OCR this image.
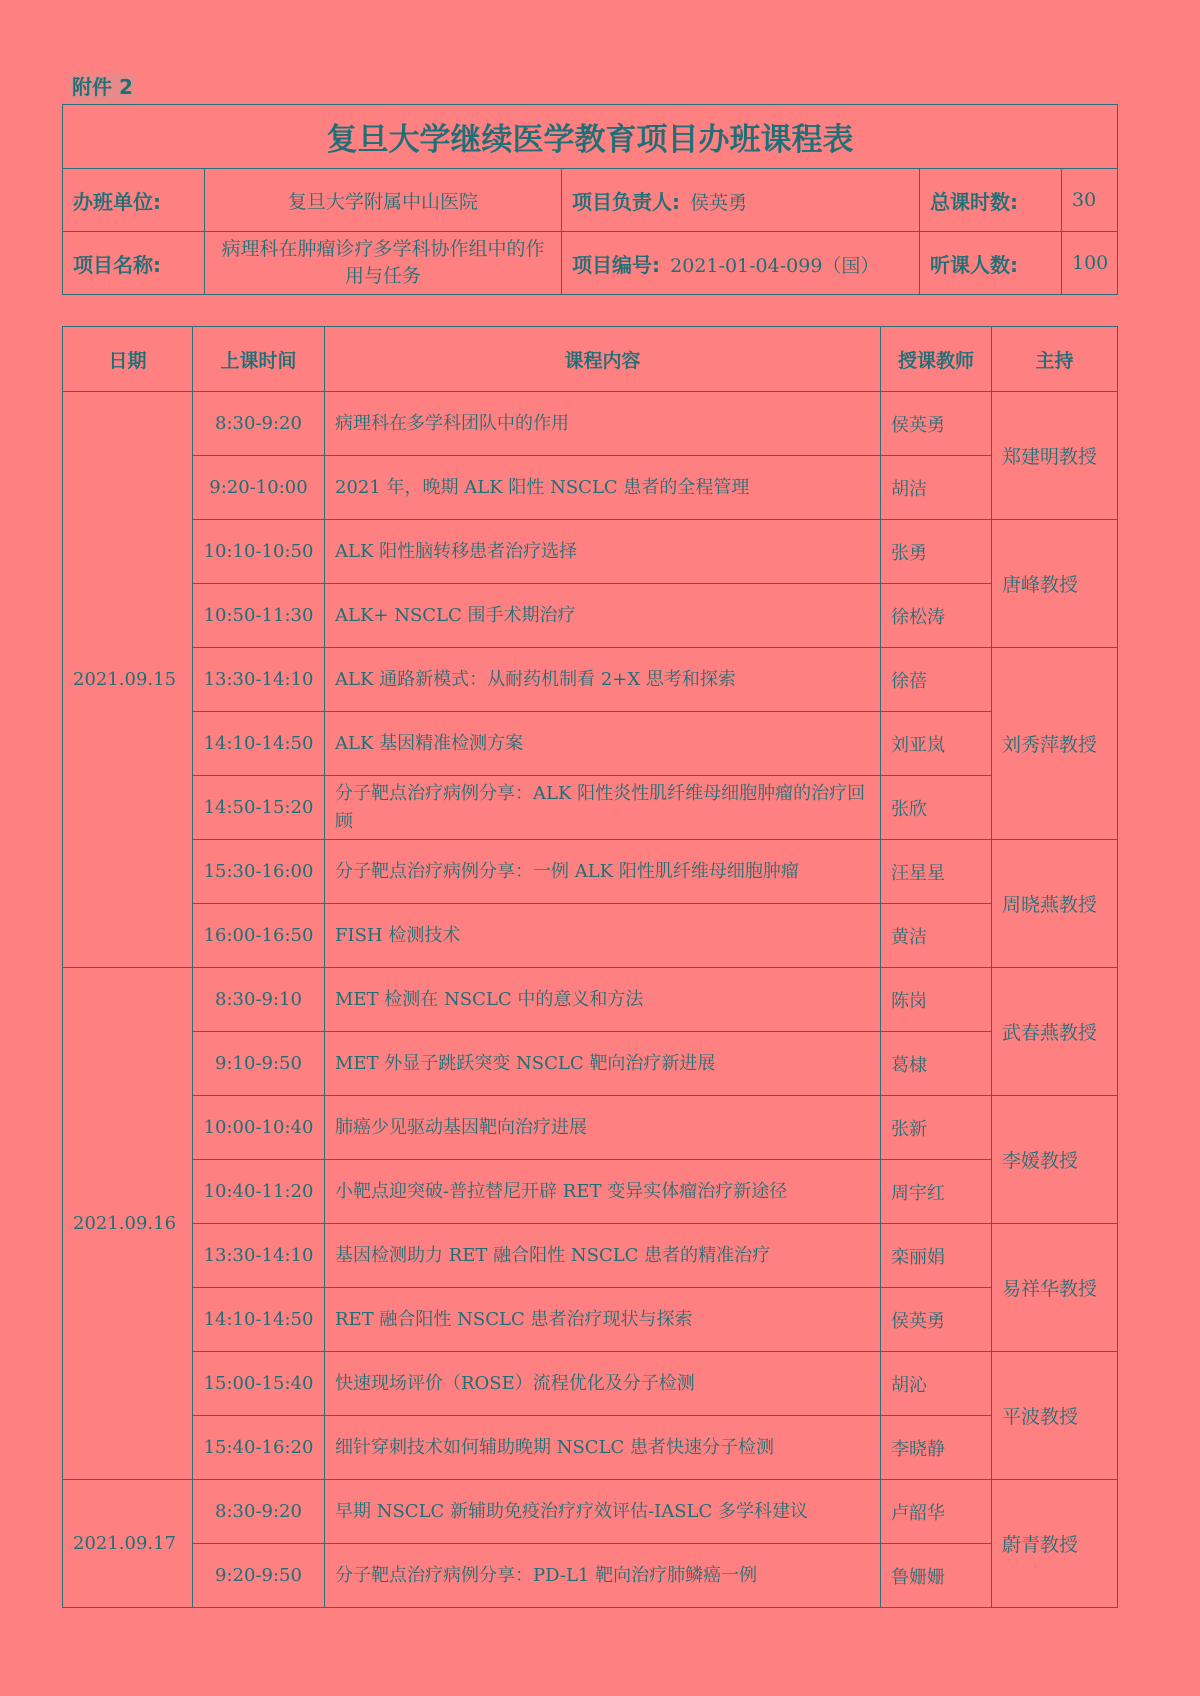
附件 2
复旦大学继续医学教育项目办班课程表				
办班单位:	复旦大学附属中山医院	项目负责人: 侯英勇	总课时数:	30
项目名称:	病理科在肿瘤诊疗多学科协作组中的作用与任务	项目编号: 2021-01-04-099（国）	听课人数:	100
日期	上课时间	课程内容	授课教师	主持
2021.09.15	8:30-9:20	病理科在多学科团队中的作用	侯英勇	郑建明教授
	9:20-10:00	2021 年，晚期 ALK 阳性 NSCLC 患者的全程管理	胡洁	
	10:10-10:50	ALK 阳性脑转移患者治疗选择	张勇	唐峰教授
	10:50-11:30	ALK+ NSCLC 围手术期治疗	徐松涛	
	13:30-14:10	ALK 通路新模式：从耐药机制看 2+X 思考和探索	徐蓓	刘秀萍教授
	14:10-14:50	ALK 基因精准检测方案	刘亚岚	
	14:50-15:20	分子靶点治疗病例分享：ALK 阳性炎性肌纤维母细胞肿瘤的治疗回顾	张欣	
	15:30-16:00	分子靶点治疗病例分享：一例 ALK 阳性肌纤维母细胞肿瘤	汪星星	周晓燕教授
	16:00-16:50	FISH 检测技术	黄洁	
2021.09.16	8:30-9:10	MET 检测在 NSCLC 中的意义和方法	陈岗	武春燕教授
	9:10-9:50	MET 外显子跳跃突变 NSCLC 靶向治疗新进展	葛棣	
	10:00-10:40	肺癌少见驱动基因靶向治疗进展	张新	李媛教授
	10:40-11:20	小靶点迎突破-普拉替尼开辟 RET 变异实体瘤治疗新途径	周宇红	
	13:30-14:10	基因检测助力 RET 融合阳性 NSCLC 患者的精准治疗	栾丽娟	易祥华教授
	14:10-14:50	RET 融合阳性 NSCLC 患者治疗现状与探索	侯英勇	
	15:00-15:40	快速现场评价（ROSE）流程优化及分子检测	胡沁	平波教授
	15:40-16:20	细针穿刺技术如何辅助晚期 NSCLC 患者快速分子检测	李晓静	
2021.09.17	8:30-9:20	早期 NSCLC 新辅助免疫治疗疗效评估-IASLC 多学科建议	卢韶华	蔚青教授
	9:20-9:50	分子靶点治疗病例分享：PD-L1 靶向治疗肺鳞癌一例	鲁姗姗	
